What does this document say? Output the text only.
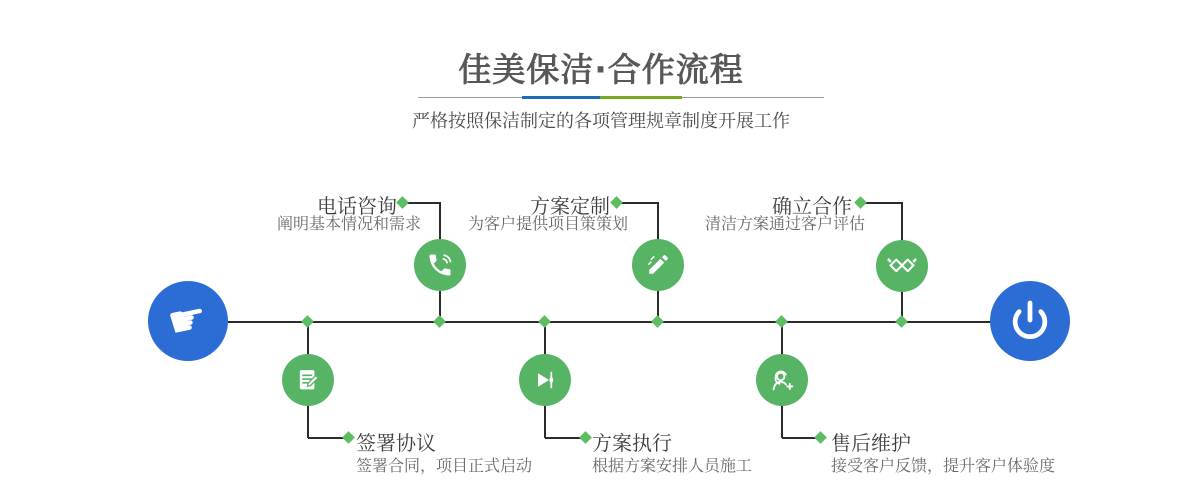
佳美保洁·合作流程

严格按照保洁制定的各项管理规章制度开展工作

☛
电话咨询
阐明基本情况和需求
方案定制
为客户提供项目策策划
确立合作
清洁方案通过客户评估
签署协议
签署合同，项目正式启动
方案执行
根据方案安排人员施工
售后维护
接受客户反馈，提升客户体验度
